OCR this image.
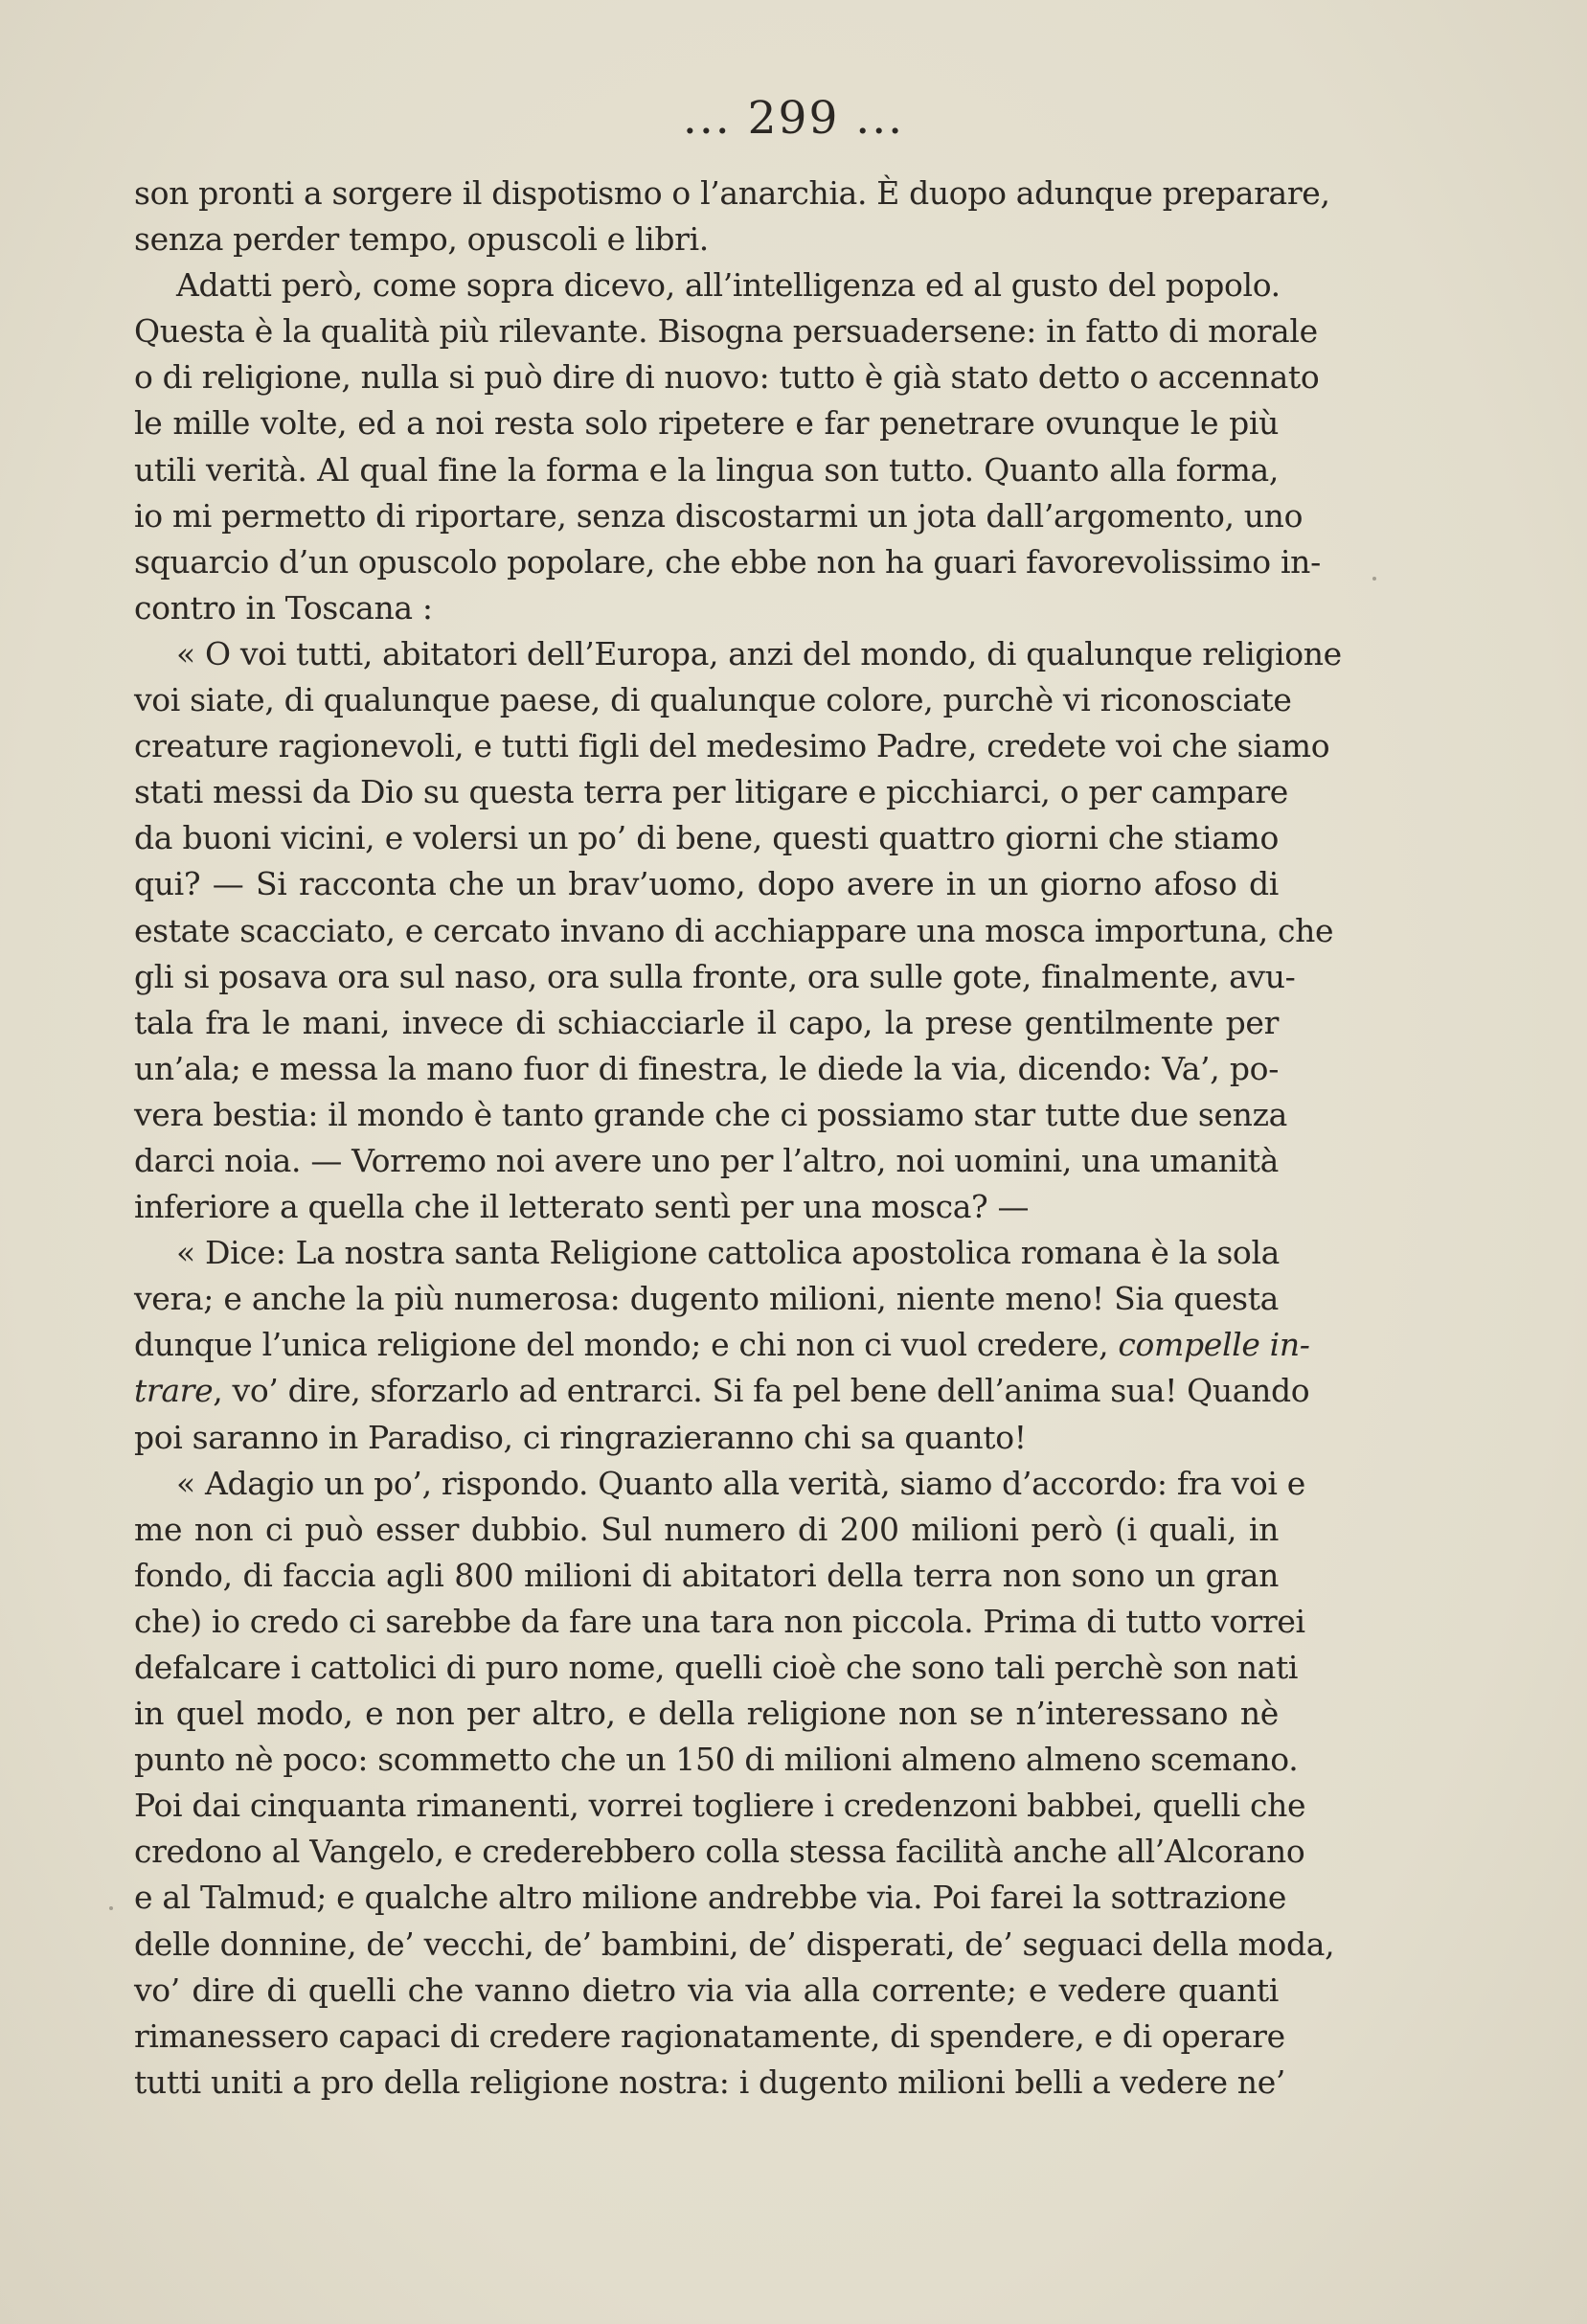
... 299 ...
son pronti a sorgere il dispotismo o l’anarchia. È duopo adunque preparare,
senza perder tempo, opuscoli e libri.
Adatti però, come sopra dicevo, all’intelligenza ed al gusto del popolo.
Questa è la qualità più rilevante. Bisogna persuadersene: in fatto di morale
o di religione, nulla si può dire di nuovo: tutto è già stato detto o accennato
le mille volte, ed a noi resta solo ripetere e far penetrare ovunque le più
utili verità. Al qual fine la forma e la lingua son tutto. Quanto alla forma,
io mi permetto di riportare, senza discostarmi un jota dall’argomento, uno
squarcio d’un opuscolo popolare, che ebbe non ha guari favorevolissimo in-
contro in Toscana :
« O voi tutti, abitatori dell’Europa, anzi del mondo, di qualunque religione
voi siate, di qualunque paese, di qualunque colore, purchè vi riconosciate
creature ragionevoli, e tutti figli del medesimo Padre, credete voi che siamo
stati messi da Dio su questa terra per litigare e picchiarci, o per campare
da buoni vicini, e volersi un po’ di bene, questi quattro giorni che stiamo
qui? — Si racconta che un brav’uomo, dopo avere in un giorno afoso di
estate scacciato, e cercato invano di acchiappare una mosca importuna, che
gli si posava ora sul naso, ora sulla fronte, ora sulle gote, finalmente, avu-
tala fra le mani, invece di schiacciarle il capo, la prese gentilmente per
un’ala; e messa la mano fuor di finestra, le diede la via, dicendo: Va’, po-
vera bestia: il mondo è tanto grande che ci possiamo star tutte due senza
darci noia. — Vorremo noi avere uno per l’altro, noi uomini, una umanità
inferiore a quella che il letterato sentì per una mosca? —
« Dice: La nostra santa Religione cattolica apostolica romana è la sola
vera; e anche la più numerosa: dugento milioni, niente meno! Sia questa
dunque l’unica religione del mondo; e chi non ci vuol credere, compelle in-
trare, vo’ dire, sforzarlo ad entrarci. Si fa pel bene dell’anima sua! Quando
poi saranno in Paradiso, ci ringrazieranno chi sa quanto!
« Adagio un po’, rispondo. Quanto alla verità, siamo d’accordo: fra voi e
me non ci può esser dubbio. Sul numero di 200 milioni però (i quali, in
fondo, di faccia agli 800 milioni di abitatori della terra non sono un gran
che) io credo ci sarebbe da fare una tara non piccola. Prima di tutto vorrei
defalcare i cattolici di puro nome, quelli cioè che sono tali perchè son nati
in quel modo, e non per altro, e della religione non se n’interessano nè
punto nè poco: scommetto che un 150 di milioni almeno almeno scemano.
Poi dai cinquanta rimanenti, vorrei togliere i credenzoni babbei, quelli che
credono al Vangelo, e crederebbero colla stessa facilità anche all’Alcorano
e al Talmud; e qualche altro milione andrebbe via. Poi farei la sottrazione
delle donnine, de’ vecchi, de’ bambini, de’ disperati, de’ seguaci della moda,
vo’ dire di quelli che vanno dietro via via alla corrente; e vedere quanti
rimanessero capaci di credere ragionatamente, di spendere, e di operare
tutti uniti a pro della religione nostra: i dugento milioni belli a vedere ne’
